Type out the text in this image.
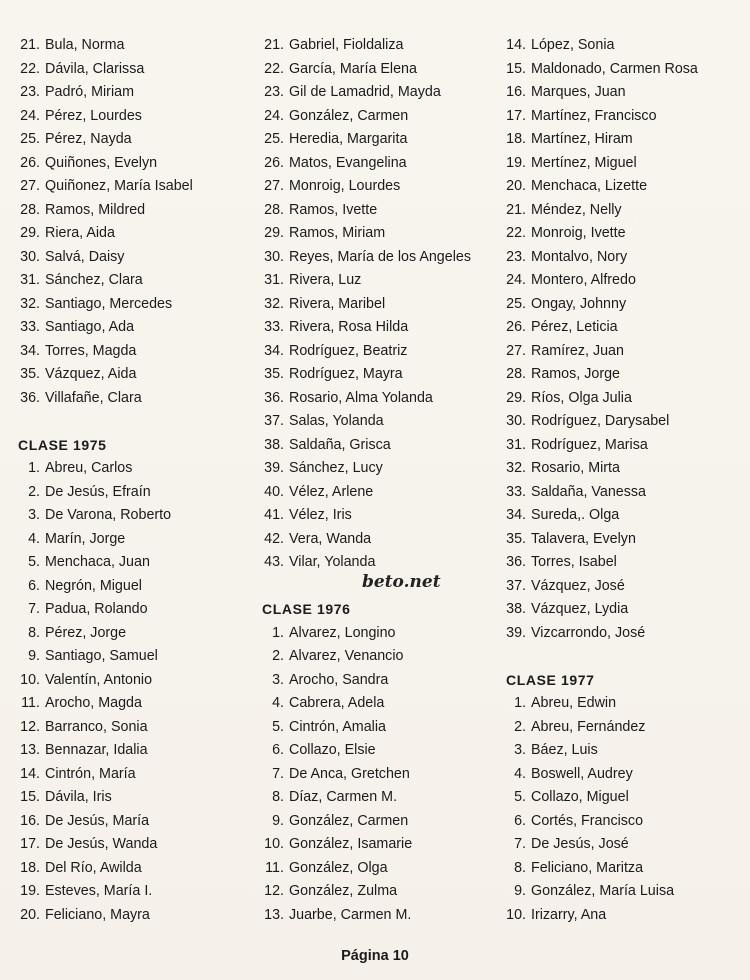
21. Bula, Norma
22. Dávila, Clarissa
23. Padró, Miriam
24. Pérez, Lourdes
25. Pérez, Nayda
26. Quiñones, Evelyn
27. Quiñonez, María Isabel
28. Ramos, Mildred
29. Riera, Aida
30. Salvá, Daisy
31. Sánchez, Clara
32. Santiago, Mercedes
33. Santiago, Ada
34. Torres, Magda
35. Vázquez, Aida
36. Villafañe, Clara
CLASE 1975
1. Abreu, Carlos
2. De Jesús, Efraín
3. De Varona, Roberto
4. Marín, Jorge
5. Menchaca, Juan
6. Negrón, Miguel
7. Padua, Rolando
8. Pérez, Jorge
9. Santiago, Samuel
10. Valentín, Antonio
11. Arocho, Magda
12. Barranco, Sonia
13. Bennazar, Idalia
14. Cintrón, María
15. Dávila, Iris
16. De Jesús, María
17. De Jesús, Wanda
18. Del Río, Awilda
19. Esteves, María I.
20. Feliciano, Mayra
21. Gabriel, Fioldaliza
22. García, María Elena
23. Gil de Lamadrid, Mayda
24. González, Carmen
25. Heredia, Margarita
26. Matos, Evangelina
27. Monroig, Lourdes
28. Ramos, Ivette
29. Ramos, Miriam
30. Reyes, María de los Angeles
31. Rivera, Luz
32. Rivera, Maribel
33. Rivera, Rosa Hilda
34. Rodríguez, Beatriz
35. Rodríguez, Mayra
36. Rosario, Alma Yolanda
37. Salas, Yolanda
38. Saldaña, Grisca
39. Sánchez, Lucy
40. Vélez, Arlene
41. Vélez, Iris
42. Vera, Wanda
43. Vilar, Yolanda
CLASE 1976
1. Alvarez, Longino
2. Alvarez, Venancio
3. Arocho, Sandra
4. Cabrera, Adela
5. Cintrón, Amalia
6. Collazo, Elsie
7. De Anca, Gretchen
8. Díaz, Carmen M.
9. González, Carmen
10. González, Isamarie
11. González, Olga
12. González, Zulma
13. Juarbe, Carmen M.
14. López, Sonia
15. Maldonado, Carmen Rosa
16. Marques, Juan
17. Martínez, Francisco
18. Martínez, Hiram
19. Mertínez, Miguel
20. Menchaca, Lizette
21. Méndez, Nelly
22. Monroig, Ivette
23. Montalvo, Nory
24. Montero, Alfredo
25. Ongay, Johnny
26. Pérez, Leticia
27. Ramírez, Juan
28. Ramos, Jorge
29. Ríos, Olga Julia
30. Rodríguez, Darysabel
31. Rodríguez, Marisa
32. Rosario, Mirta
33. Saldaña, Vanessa
34. Sureda,. Olga
35. Talavera, Evelyn
36. Torres, Isabel
37. Vázquez, José
38. Vázquez, Lydia
39. Vizcarrondo, José
CLASE 1977
1. Abreu, Edwin
2. Abreu, Fernández
3. Báez, Luis
4. Boswell, Audrey
5. Collazo, Miguel
6. Cortés, Francisco
7. De Jesús, José
8. Feliciano, Maritza
9. González, María Luisa
10. Irizarry, Ana
beto.net
Página 10
